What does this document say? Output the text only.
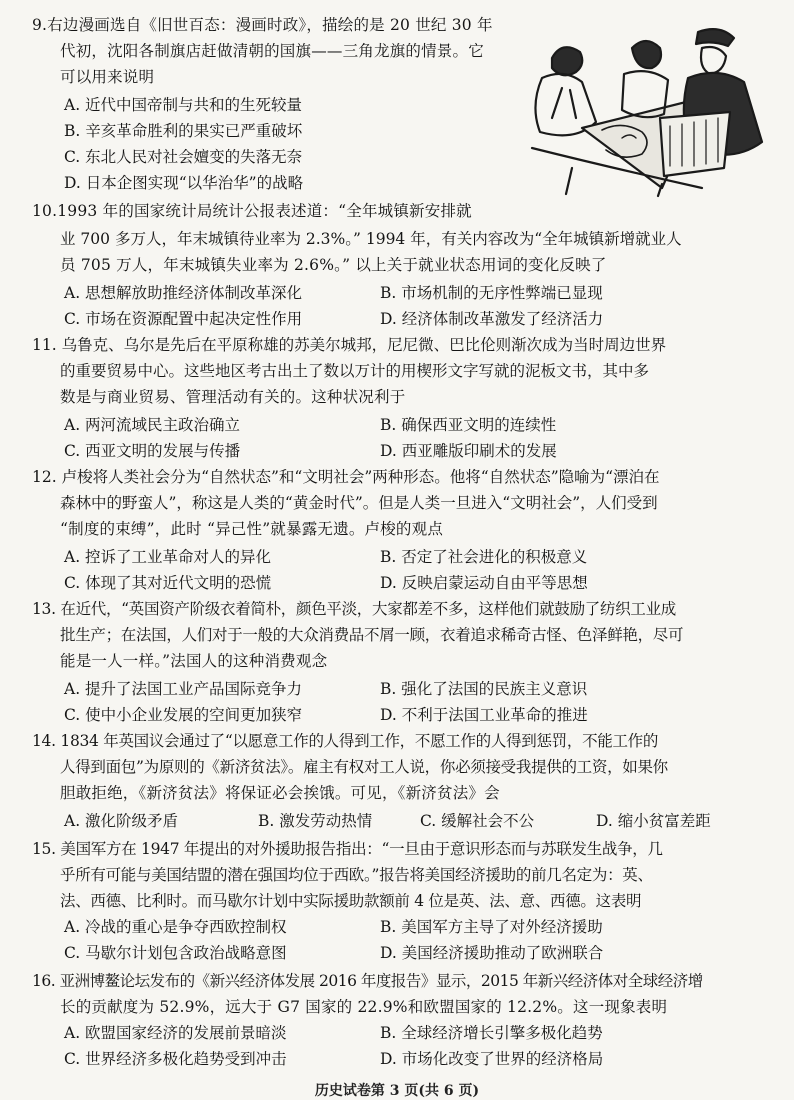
9.右边漫画选自《旧世百态：漫画时政》，描绘的是 20 世纪 30 年
代初，沈阳各制旗店赶做清朝的国旗——三角龙旗的情景。它
可以用来说明
A. 近代中国帝制与共和的生死较量
B. 辛亥革命胜利的果实已严重破坏
C. 东北人民对社会嬗变的失落无奈
D. 日本企图实现“以华治华”的战略
10.1993 年的国家统计局统计公报表述道：“全年城镇新安排就
业 700 多万人，年末城镇待业率为 2.3%。” 1994 年，有关内容改为“全年城镇新增就业人
员 705 万人，年末城镇失业率为 2.6%。” 以上关于就业状态用词的变化反映了
A. 思想解放助推经济体制改革深化	B. 市场机制的无序性弊端已显现
C. 市场在资源配置中起决定性作用	D. 经济体制改革激发了经济活力
11. 乌鲁克、乌尔是先后在平原称雄的苏美尔城邦，尼尼微、巴比伦则渐次成为当时周边世界
的重要贸易中心。这些地区考古出土了数以万计的用楔形文字写就的泥板文书，其中多
数是与商业贸易、管理活动有关的。这种状况利于
A. 两河流域民主政治确立	B. 确保西亚文明的连续性
C. 西亚文明的发展与传播	D. 西亚雕版印刷术的发展
12. 卢梭将人类社会分为“自然状态”和“文明社会”两种形态。他将“自然状态”隐喻为“漂泊在
森林中的野蛮人”，称这是人类的“黄金时代”。但是人类一旦进入“文明社会”，人们受到
“制度的束缚”，此时 “异己性”就暴露无遗。卢梭的观点
A. 控诉了工业革命对人的异化	B. 否定了社会进化的积极意义
C. 体现了其对近代文明的恐慌	D. 反映启蒙运动自由平等思想
13. 在近代，“英国资产阶级衣着简朴，颜色平淡，大家都差不多，这样他们就鼓励了纺织工业成
批生产；在法国，人们对于一般的大众消费品不屑一顾，衣着追求稀奇古怪、色泽鲜艳，尽可
能是一人一样。”法国人的这种消费观念
A. 提升了法国工业产品国际竞争力	B. 强化了法国的民族主义意识
C. 使中小企业发展的空间更加狭窄	D. 不利于法国工业革命的推进
14. 1834 年英国议会通过了“以愿意工作的人得到工作，不愿工作的人得到惩罚，不能工作的
人得到面包”为原则的《新济贫法》。雇主有权对工人说，你必须接受我提供的工资，如果你
胆敢拒绝，《新济贫法》将保证必会挨饿。可见，《新济贫法》会
A. 激化阶级矛盾	B. 激发劳动热情	C. 缓解社会不公	D. 缩小贫富差距
15. 美国军方在 1947 年提出的对外援助报告指出：“一旦由于意识形态而与苏联发生战争，几
乎所有可能与美国结盟的潜在强国均位于西欧。”报告将美国经济援助的前几名定为：英、
法、西德、比利时。而马歇尔计划中实际援助款额前 4 位是英、法、意、西德。这表明
A. 冷战的重心是争夺西欧控制权	B. 美国军方主导了对外经济援助
C. 马歇尔计划包含政治战略意图	D. 美国经济援助推动了欧洲联合
16. 亚洲博鳌论坛发布的《新兴经济体发展 2016 年度报告》显示，2015 年新兴经济体对全球经济增
长的贡献度为 52.9%，远大于 G7 国家的 22.9%和欧盟国家的 12.2%。这一现象表明
A. 欧盟国家经济的发展前景暗淡	B. 全球经济增长引擎多极化趋势
C. 世界经济多极化趋势受到冲击	D. 市场化改变了世界的经济格局
历史试卷第 3 页(共 6 页)
